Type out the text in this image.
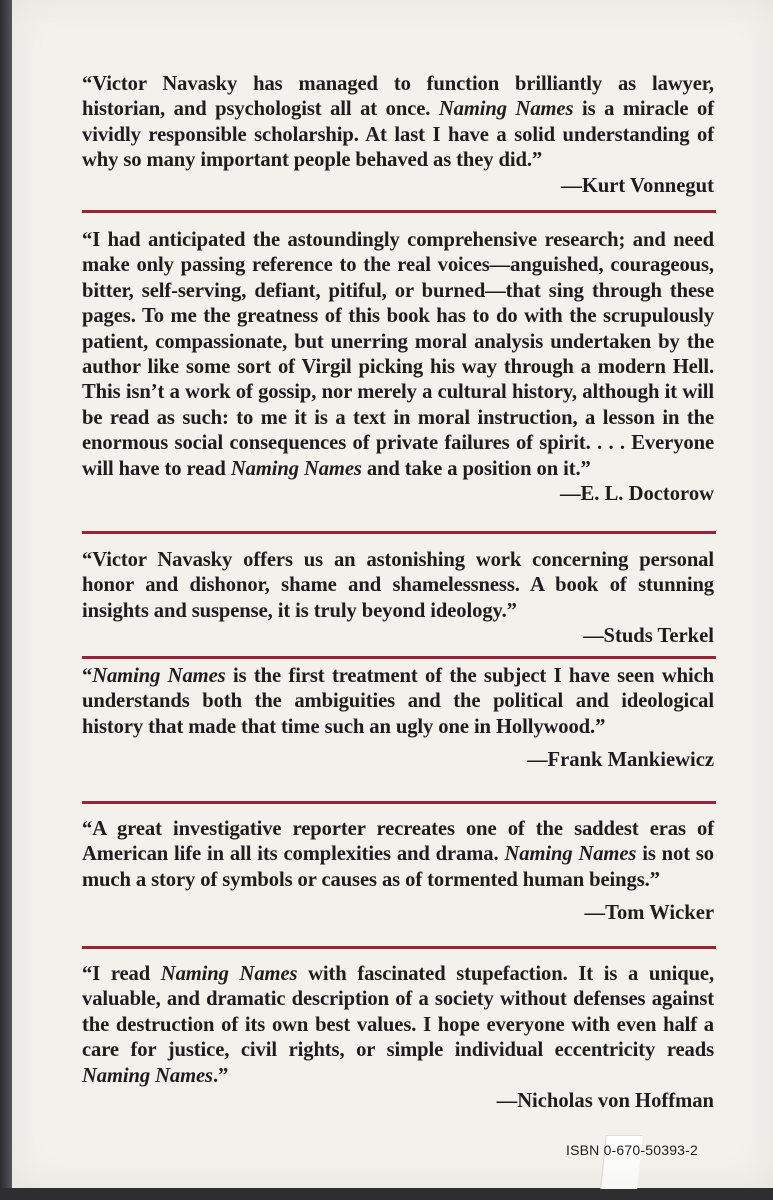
“Victor Navasky has managed to function brilliantly as lawyer, historian, and psychologist all at once. Naming Names is a miracle of vividly responsible scholarship. At last I have a solid understanding of why so many important people behaved as they did.”
—Kurt Vonnegut
“I had anticipated the astoundingly comprehensive research; and need make only passing reference to the real voices—anguished, courageous, bitter, self-serving, defiant, pitiful, or burned—that sing through these pages. To me the greatness of this book has to do with the scrupulously patient, compassionate, but unerring moral analysis undertaken by the author like some sort of Virgil picking his way through a modern Hell. This isn’t a work of gossip, nor merely a cultural history, although it will be read as such: to me it is a text in moral instruction, a lesson in the enormous social consequences of private failures of spirit. . . . Everyone will have to read Naming Names and take a position on it.”
—E. L. Doctorow
“Victor Navasky offers us an astonishing work concerning personal honor and dishonor, shame and shamelessness. A book of stunning insights and suspense, it is truly beyond ideology.”
—Studs Terkel
“Naming Names is the first treatment of the subject I have seen which understands both the ambiguities and the political and ideological history that made that time such an ugly one in Hollywood.”
—Frank Mankiewicz
“A great investigative reporter recreates one of the saddest eras of American life in all its complexities and drama. Naming Names is not so much a story of symbols or causes as of tormented human beings.”
—Tom Wicker
“I read Naming Names with fascinated stupefaction. It is a unique, valuable, and dramatic description of a society without defenses against the destruction of its own best values. I hope everyone with even half a care for justice, civil rights, or simple individual eccentricity reads Naming Names.”
—Nicholas von Hoffman
ISBN 0-670-50393-2
